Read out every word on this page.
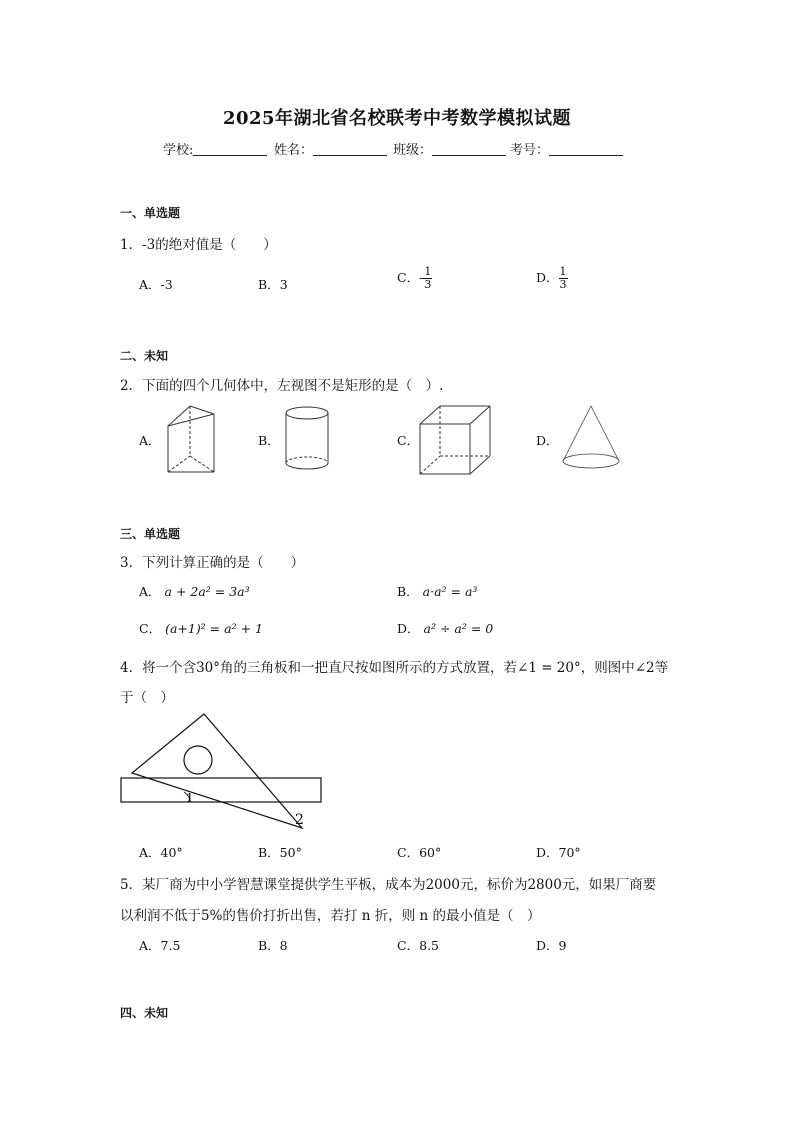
2025年湖北省名校联考中考数学模拟试题
学校:	姓名：	班级：	考号：
一、单选题
1．-3的绝对值是（　　）
A．-3	B．3	C．- $\frac{1}{3}$	D． $\frac{1}{3}$
二、未知
2．下面的四个几何体中，左视图不是矩形的是（　）.
A．	B．	C．	D．
三、单选题
3．下列计算正确的是（　　）
A． a + 2a² = 3a³	B． a·a² = a³
C． (a+1)² = a² + 1	D． a² ÷ a² = 0
4．将一个含30°角的三角板和一把直尺按如图所示的方式放置，若∠1 = 20°，则图中∠2等
于（　）
1
2
A．40°	B．50°	C．60°	D．70°
5．某厂商为中小学智慧课堂提供学生平板，成本为2000元，标价为2800元，如果厂商要
以利润不低于5%的售价打折出售，若打 n 折，则 n 的最小值是（　）
A．7.5	B．8	C．8.5	D．9
四、未知
